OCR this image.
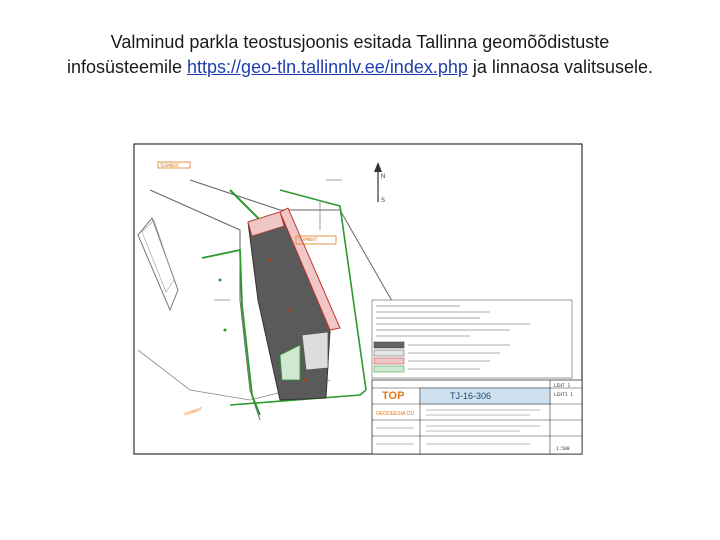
Valminud parkla teostusjoonis esitada Tallinna geomõõdistuste
infosüsteemile https://geo-tln.tallinnlv.ee/index.php ja linnaosa valitsusele.
TEAMNOOT
TEAMNOOT
TEAMNOOT
N
S
TOP
GEODEESIA OÜ
TJ-16-306
LEHT 1
LEHTI 1
1:500
